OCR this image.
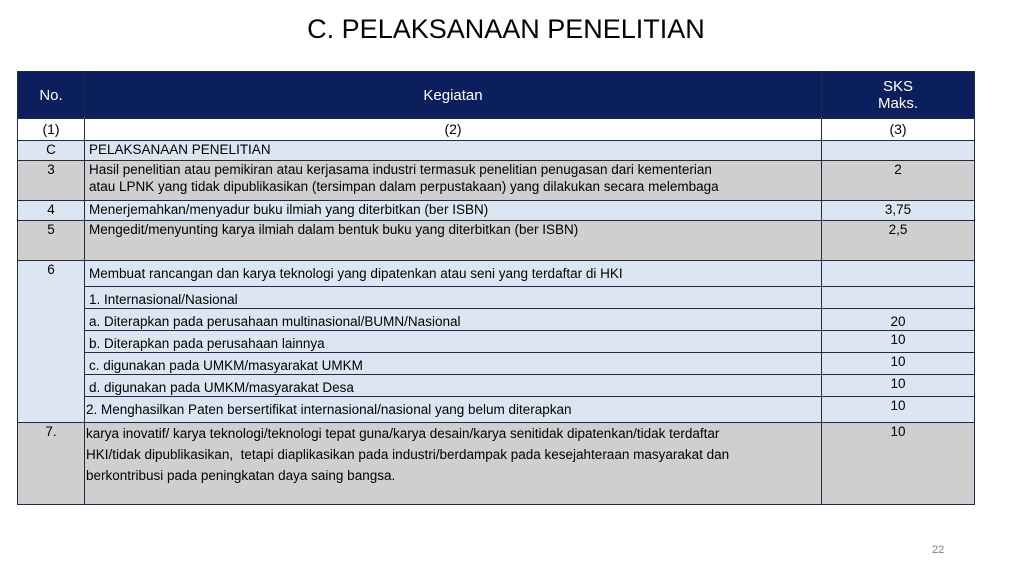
C. PELAKSANAAN PENELITIAN
No.	Kegiatan	SKS
Maks.

(1)	(2)	(3)
C	PELAKSANAAN PENELITIAN	
3	Hasil penelitian atau pemikiran atau kerjasama industri termasuk penelitian penugasan dari kementerian
atau LPNK yang tidak dipublikasikan (tersimpan dalam perpustakaan) yang dilakukan secara melembaga	2
4	Menerjemahkan/menyadur buku ilmiah yang diterbitkan (ber ISBN)	3,75
5	Mengedit/menyunting karya ilmiah dalam bentuk buku yang diterbitkan (ber ISBN)	2,5
6	Membuat rancangan dan karya teknologi yang dipatenkan atau seni yang terdaftar di HKI	
	1. Internasional/Nasional	
	a. Diterapkan pada perusahaan multinasional/BUMN/Nasional	20
	b. Diterapkan pada perusahaan lainnya	10
	c. digunakan pada UMKM/masyarakat UMKM	10
	d. digunakan pada UMKM/masyarakat Desa	10
	2. Menghasilkan Paten bersertifikat internasional/nasional yang belum diterapkan	10
7.	karya inovatif/ karya teknologi/teknologi tepat guna/karya desain/karya senitidak dipatenkan/tidak terdaftar
HKI/tidak dipublikasikan,  tetapi diaplikasikan pada industri/berdampak pada kesejahteraan masyarakat dan
berkontribusi pada peningkatan daya saing bangsa.	10
22
